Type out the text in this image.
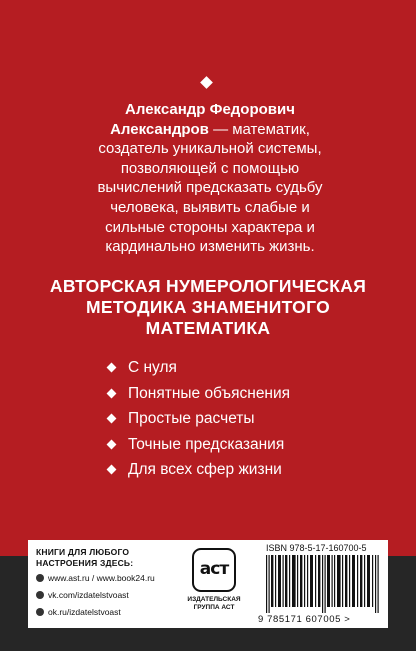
Александр Федорович Александров — математик, создатель уникальной системы, позволяющей с помощью вычислений предсказать судьбу человека, выявить слабые и сильные стороны характера и кардинально изменить жизнь.
АВТОРСКАЯ НУМЕРОЛОГИЧЕСКАЯ МЕТОДИКА ЗНАМЕНИТОГО МАТЕМАТИКА
С нуля
Понятные объяснения
Простые расчеты
Точные предсказания
Для всех сфер жизни
КНИГИ ДЛЯ ЛЮБОГО НАСТРОЕНИЯ ЗДЕСЬ:
www.ast.ru / www.book24.ru
vk.com/izdatelstvoast
ok.ru/izdatelstvoast
аст
ИЗДАТЕЛЬСКАЯ ГРУППА АСТ
ISBN 978-5-17-160700-5
9 785171 607005 >
